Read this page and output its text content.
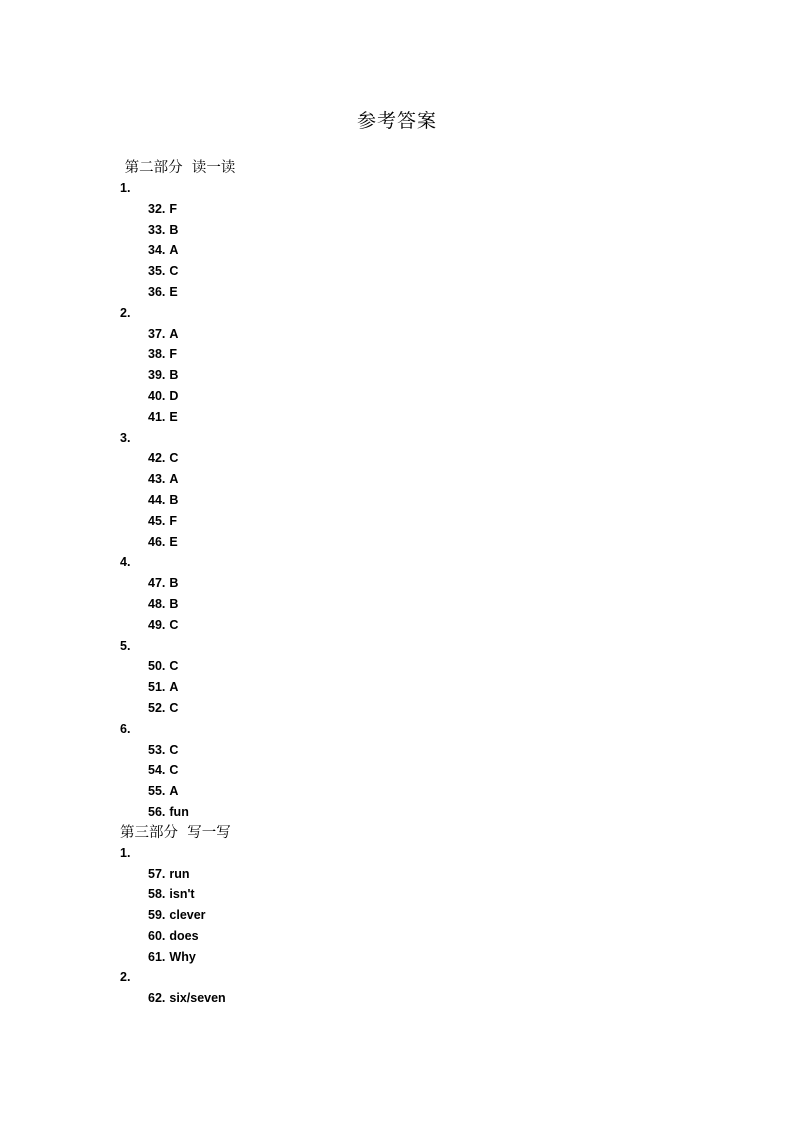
参考答案
第二部分  读一读
1.
32. F
33. B
34. A
35. C
36. E
2.
37. A
38. F
39. B
40. D
41. E
3.
42. C
43. A
44. B
45. F
46. E
4.
47. B
48. B
49. C
5.
50. C
51. A
52. C
6.
53. C
54. C
55. A
56. fun
第三部分  写一写
1.
57. run
58. isn't
59. clever
60. does
61. Why
2.
62. six/seven
